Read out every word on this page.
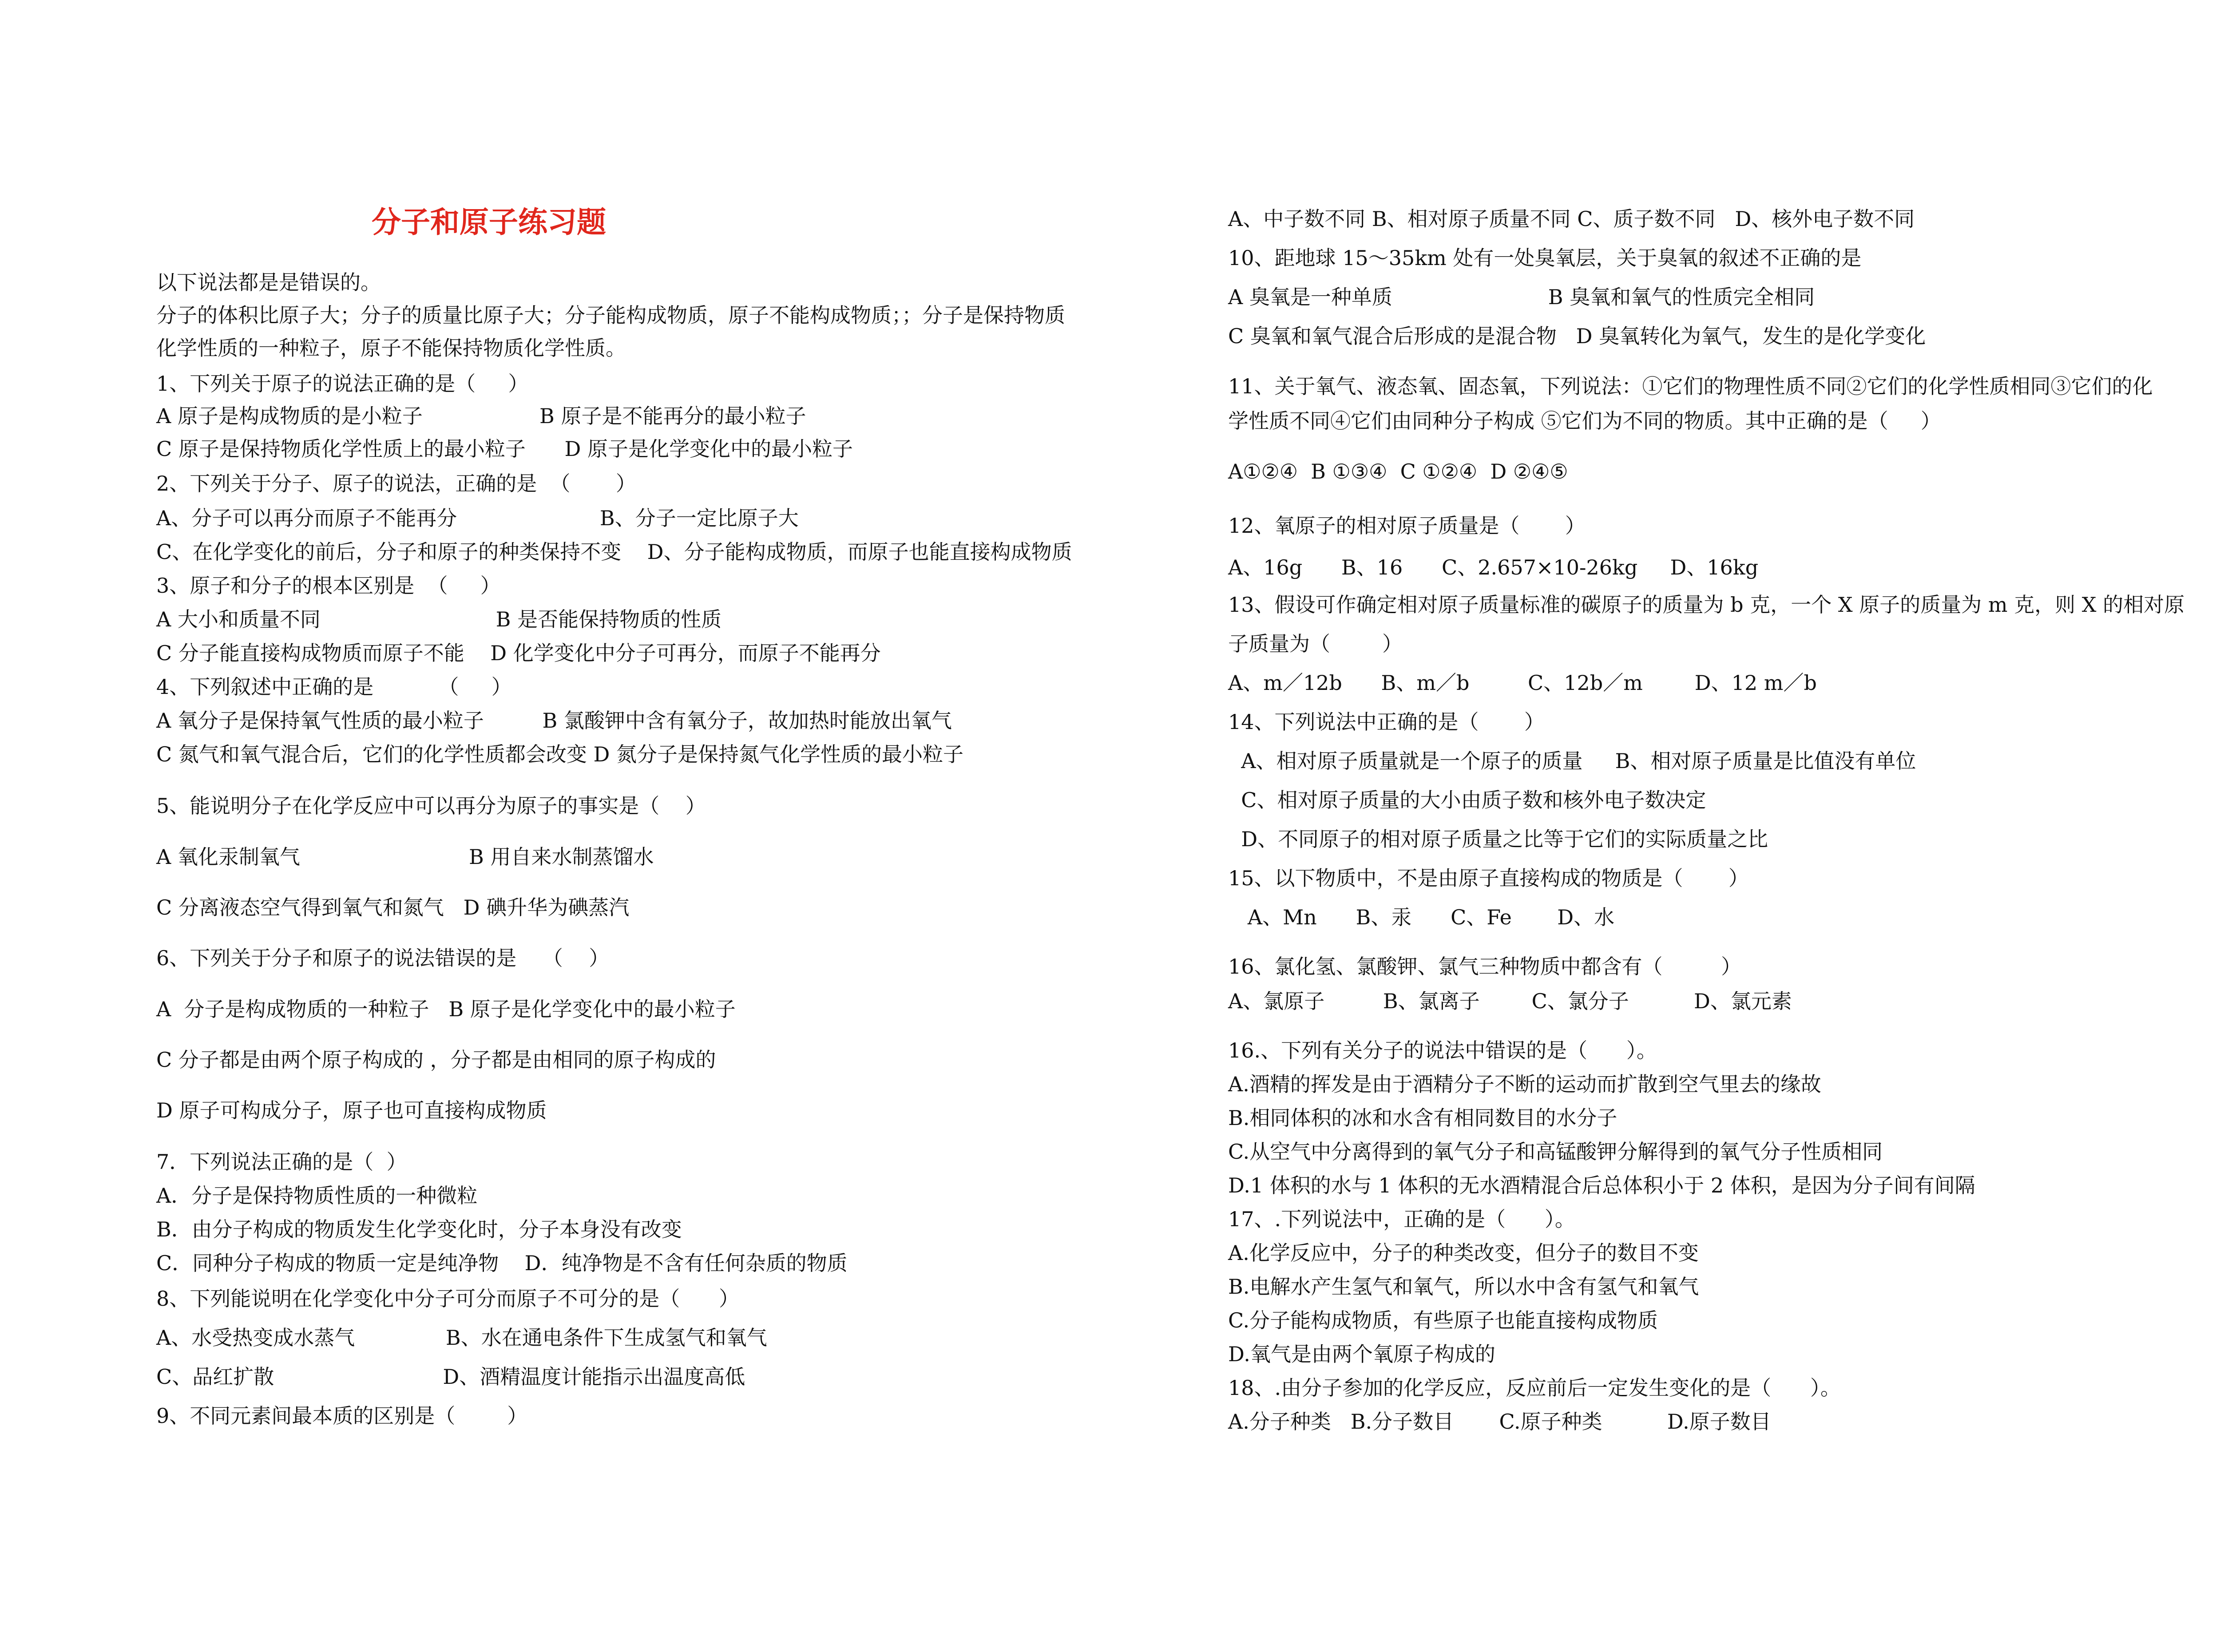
分子和原子练习题
以下说法都是是错误的。
分子的体积比原子大；分子的质量比原子大；分子能构成物质，原子不能构成物质；；分子是保持物质
化学性质的一种粒子，原子不能保持物质化学性质。
1、下列关于原子的说法正确的是（     ）
A 原子是构成物质的是小粒子                  B 原子是不能再分的最小粒子
C 原子是保持物质化学性质上的最小粒子      D 原子是化学变化中的最小粒子
2、下列关于分子、原子的说法，正确的是  （       ）
A、分子可以再分而原子不能再分                      B、分子一定比原子大
C、在化学变化的前后，分子和原子的种类保持不变    D、分子能构成物质，而原子也能直接构成物质
3、原子和分子的根本区别是  （     ）
A 大小和质量不同                           B 是否能保持物质的性质
C 分子能直接构成物质而原子不能    D 化学变化中分子可再分，而原子不能再分
4、下列叙述中正确的是          （     ）
A 氧分子是保持氧气性质的最小粒子         B 氯酸钾中含有氧分子，故加热时能放出氧气
C 氮气和氧气混合后，它们的化学性质都会改变 D 氮分子是保持氮气化学性质的最小粒子
5、能说明分子在化学反应中可以再分为原子的事实是（    ）
A 氧化汞制氧气                          B 用自来水制蒸馏水
C 分离液态空气得到氧气和氮气   D 碘升华为碘蒸汽
6、下列关于分子和原子的说法错误的是    （    ）
A  分子是构成物质的一种粒子   B 原子是化学变化中的最小粒子
C 分子都是由两个原子构成的 ，分子都是由相同的原子构成的
D 原子可构成分子，原子也可直接构成物质
7．下列说法正确的是（  ）
A．分子是保持物质性质的一种微粒
B．由分子构成的物质发生化学变化时，分子本身没有改变
C．同种分子构成的物质一定是纯净物    D．纯净物是不含有任何杂质的物质
8、下列能说明在化学变化中分子可分而原子不可分的是（      ）
A、水受热变成水蒸气              B、水在通电条件下生成氢气和氧气
C、品红扩散                          D、酒精温度计能指示出温度高低
9、不同元素间最本质的区别是（        ）
A、中子数不同 B、相对原子质量不同 C、质子数不同   D、核外电子数不同
10、距地球 15～35km 处有一处臭氧层，关于臭氧的叙述不正确的是
A 臭氧是一种单质                        B 臭氧和氧气的性质完全相同
C 臭氧和氧气混合后形成的是混合物   D 臭氧转化为氧气，发生的是化学变化
11、关于氧气、液态氧、固态氧，下列说法：①它们的物理性质不同②它们的化学性质相同③它们的化
学性质不同④它们由同种分子构成 ⑤它们为不同的物质。其中正确的是（     ）
A①②④  B ①③④  C ①②④  D ②④⑤
12、氧原子的相对原子质量是（       ）
A、16g      B、16      C、2.657×10-26kg     D、16kg
13、假设可作确定相对原子质量标准的碳原子的质量为 b 克，一个 X 原子的质量为 m 克，则 X 的相对原
子质量为（        ）
A、m／12b      B、m／b         C、12b／m        D、12 m／b
14、下列说法中正确的是（       ）
A、相对原子质量就是一个原子的质量     B、相对原子质量是比值没有单位
C、相对原子质量的大小由质子数和核外电子数决定
D、不同原子的相对原子质量之比等于它们的实际质量之比
15、以下物质中，不是由原子直接构成的物质是（       ）
A、Mn      B、汞      C、Fe       D、水
16、氯化氢、氯酸钾、氯气三种物质中都含有（         ）
A、氯原子         B、氯离子        C、氯分子          D、氯元素
16.、下列有关分子的说法中错误的是（      ）。
A.酒精的挥发是由于酒精分子不断的运动而扩散到空气里去的缘故
B.相同体积的冰和水含有相同数目的水分子
C.从空气中分离得到的氧气分子和高锰酸钾分解得到的氧气分子性质相同
D.1 体积的水与 1 体积的无水酒精混合后总体积小于 2 体积，是因为分子间有间隔
17、.下列说法中，正确的是（      ）。
A.化学反应中，分子的种类改变，但分子的数目不变
B.电解水产生氢气和氧气，所以水中含有氢气和氧气
C.分子能构成物质，有些原子也能直接构成物质
D.氧气是由两个氧原子构成的
18、.由分子参加的化学反应，反应前后一定发生变化的是（      ）。
A.分子种类   B.分子数目       C.原子种类          D.原子数目
